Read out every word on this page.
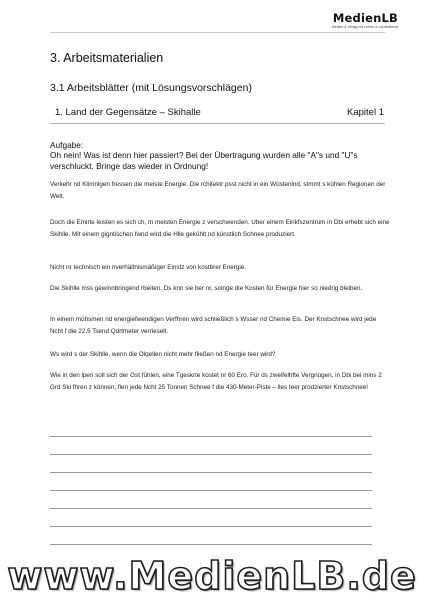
MedienLB
Medien & Verlag mit Lehrer & Lernmaterial
3. Arbeitsmaterialien
3.1 Arbeitsblätter (mit Lösungsvorschlägen)
1. Land der Gegensätze – Skihalle	Kapitel 1
Aufgabe:
Oh nein! Was ist denn hier passiert? Bei der Übertragung wurden alle "A"s und "U"s verschluckt. Bringe das wieder in Ordnung!
Verkehr nd Klimnlgen fressen die meiste Energie. Die rchitektr psst nicht in ein Wüstenlnd, stmmt s kühlen Regionen der Welt.
Doch die Emirte leisten es sich ch, m meisten Energie z verschwenden. Uber einem Einkfszentrum in Dbi erhebt sich eine Skihlle. Mit einem gigntischen fwnd wird die Hlle gekühlt nd künstlich Schnee produziert.
Nicht nr technisch ein nverhältnismäßiger Einstz von kostbrer Energie.
Die Skihlle mss gewinnbringend rbeiten. Ds knn sie ber nr, solnge die Kosten für Energie hier so niedrig bleiben.
In einem mühsmen nd energiefwendigen Verfhren wird schließlich s Wsser nd Chemie Eis. Der Knstschnee wird jede Ncht f die 22,5 Tsend Qdrtmeter verrieselt.
Ws wird s der Skihlle, wenn die Olqellen nicht mehr fließen nd Energie teer wird?
Wie in den lpen soll sich der Gst fühlen, eine Tgeskrte kostet nr 60 Ero. Für ds zweifelhfte Vergnügen, in Dbi bei mins 2 Grd Ski fhren z können, flen jede Ncht 25 Tonnen Schnee f die 430-Meter-Piste – lles teer prodzierter Knstschnee!
www.MedienLB.de
